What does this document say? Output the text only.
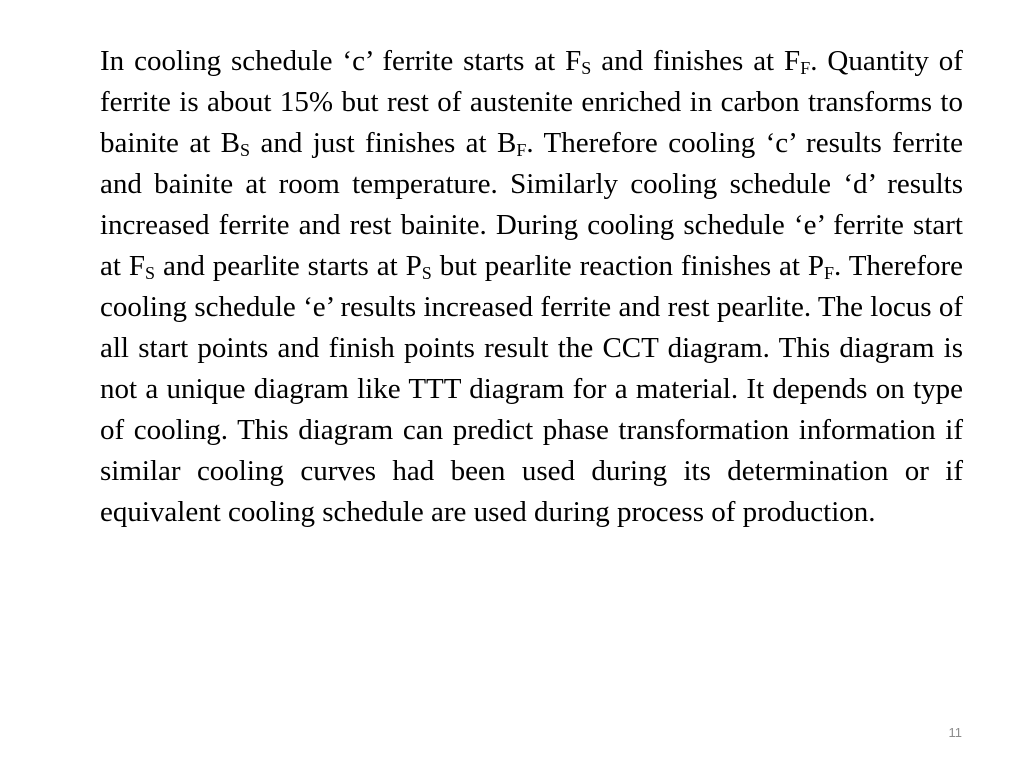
In cooling schedule ‘c’ ferrite starts at $F_S$ and finishes at $F_F$. Quantity of ferrite is about 15% but rest of austenite enriched in carbon transforms to bainite at $B_S$ and just finishes at $B_F$. Therefore cooling ‘c’ results ferrite and bainite at room temperature. Similarly cooling schedule ‘d’ results increased ferrite and rest bainite. During cooling schedule ‘e’ ferrite start at $F_S$ and pearlite starts at $P_S$ but pearlite reaction finishes at $P_F$. Therefore cooling schedule ‘e’ results increased ferrite and rest pearlite. The locus of all start points and finish points result the CCT diagram. This diagram is not a unique diagram like TTT diagram for a material. It depends on type of cooling. This diagram can predict phase transformation information if similar cooling curves had been used during its determination or if equivalent cooling schedule are used during process of production.

11
